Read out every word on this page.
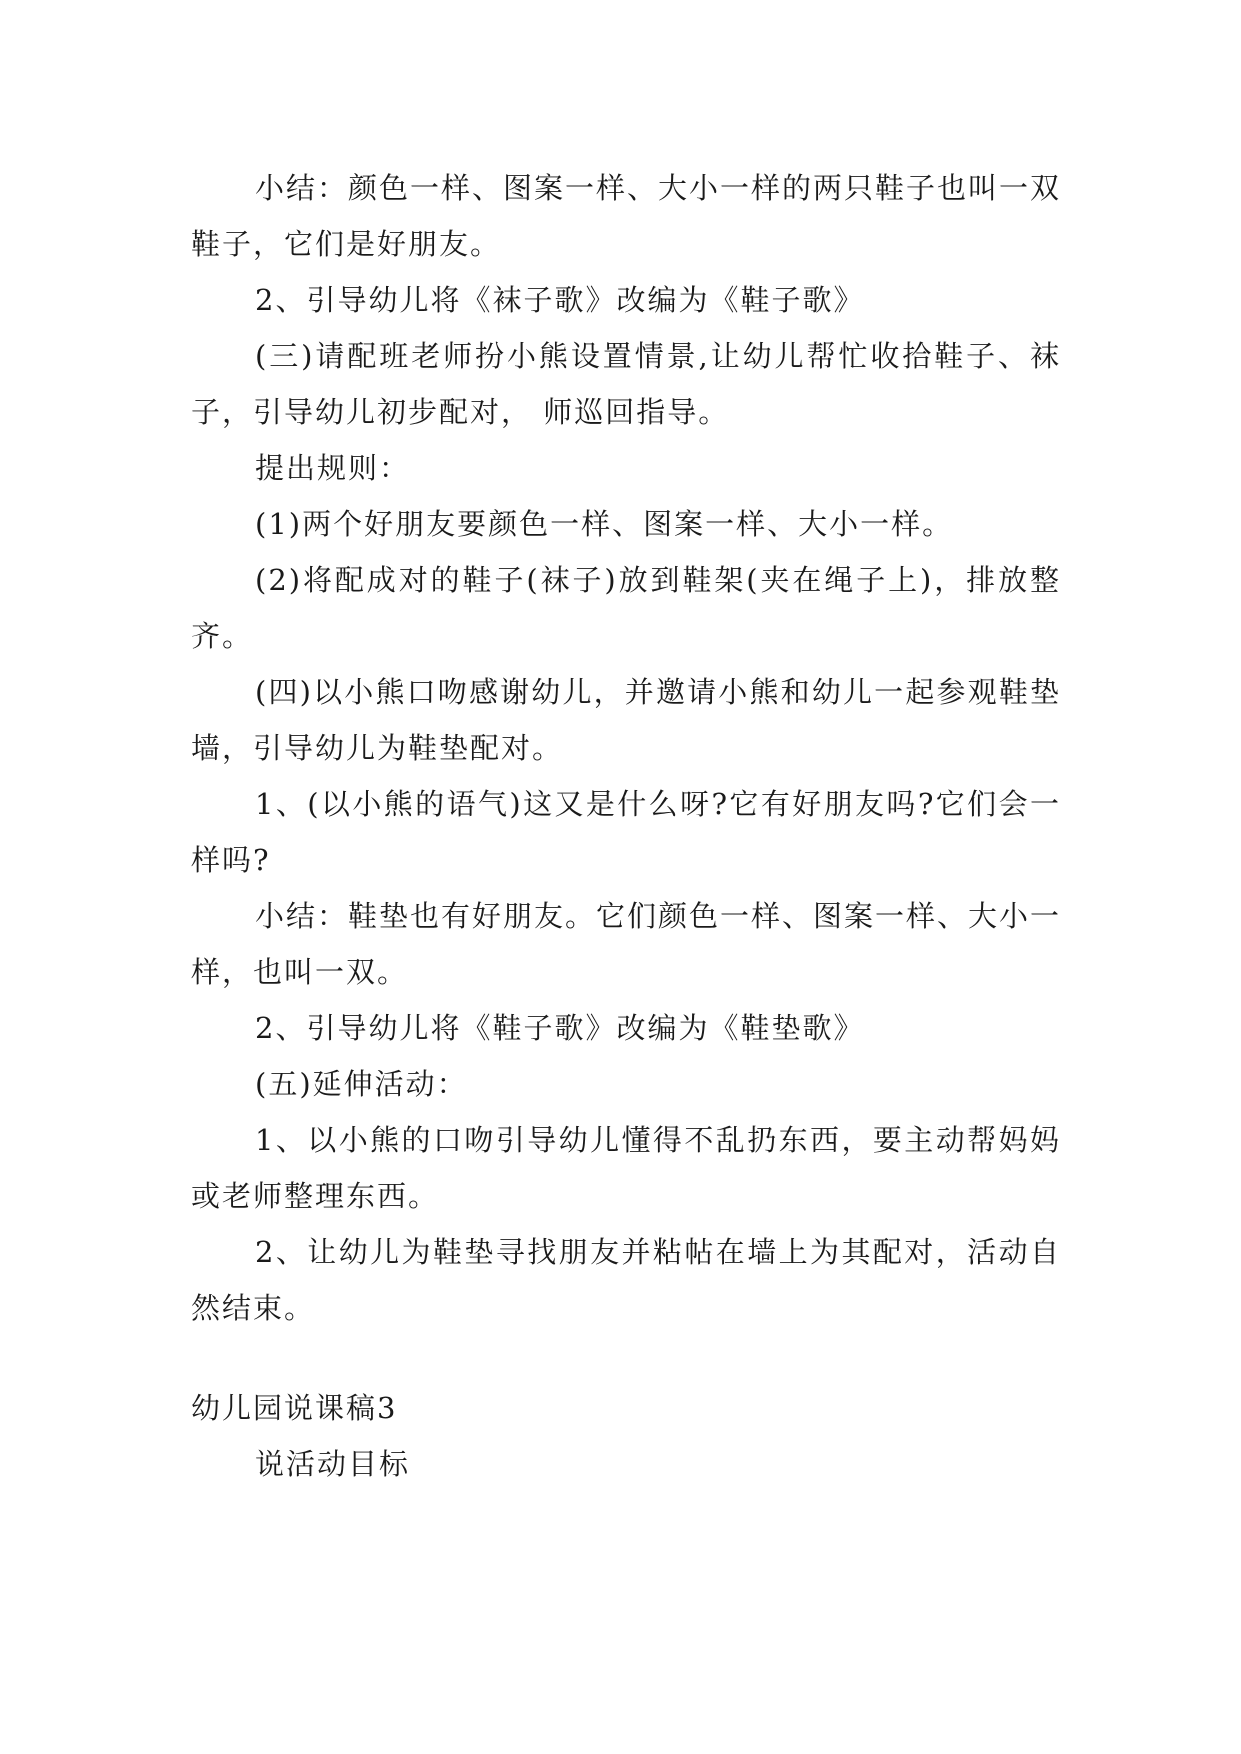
小结：颜色一样、图案一样、大小一样的两只鞋子也叫一双鞋子，它们是好朋友。

2、引导幼儿将《袜子歌》改编为《鞋子歌》

(三)请配班老师扮小熊设置情景,让幼儿帮忙收拾鞋子、袜子，引导幼儿初步配对， 师巡回指导。

提出规则：

(1)两个好朋友要颜色一样、图案一样、大小一样。

(2)将配成对的鞋子(袜子)放到鞋架(夹在绳子上)，排放整齐。

(四)以小熊口吻感谢幼儿，并邀请小熊和幼儿一起参观鞋垫墙，引导幼儿为鞋垫配对。

1、(以小熊的语气)这又是什么呀?它有好朋友吗?它们会一样吗?

小结：鞋垫也有好朋友。它们颜色一样、图案一样、大小一样，也叫一双。

2、引导幼儿将《鞋子歌》改编为《鞋垫歌》

(五)延伸活动：

1、以小熊的口吻引导幼儿懂得不乱扔东西，要主动帮妈妈或老师整理东西。

2、让幼儿为鞋垫寻找朋友并粘帖在墙上为其配对，活动自然结束。

幼儿园说课稿3

说活动目标
